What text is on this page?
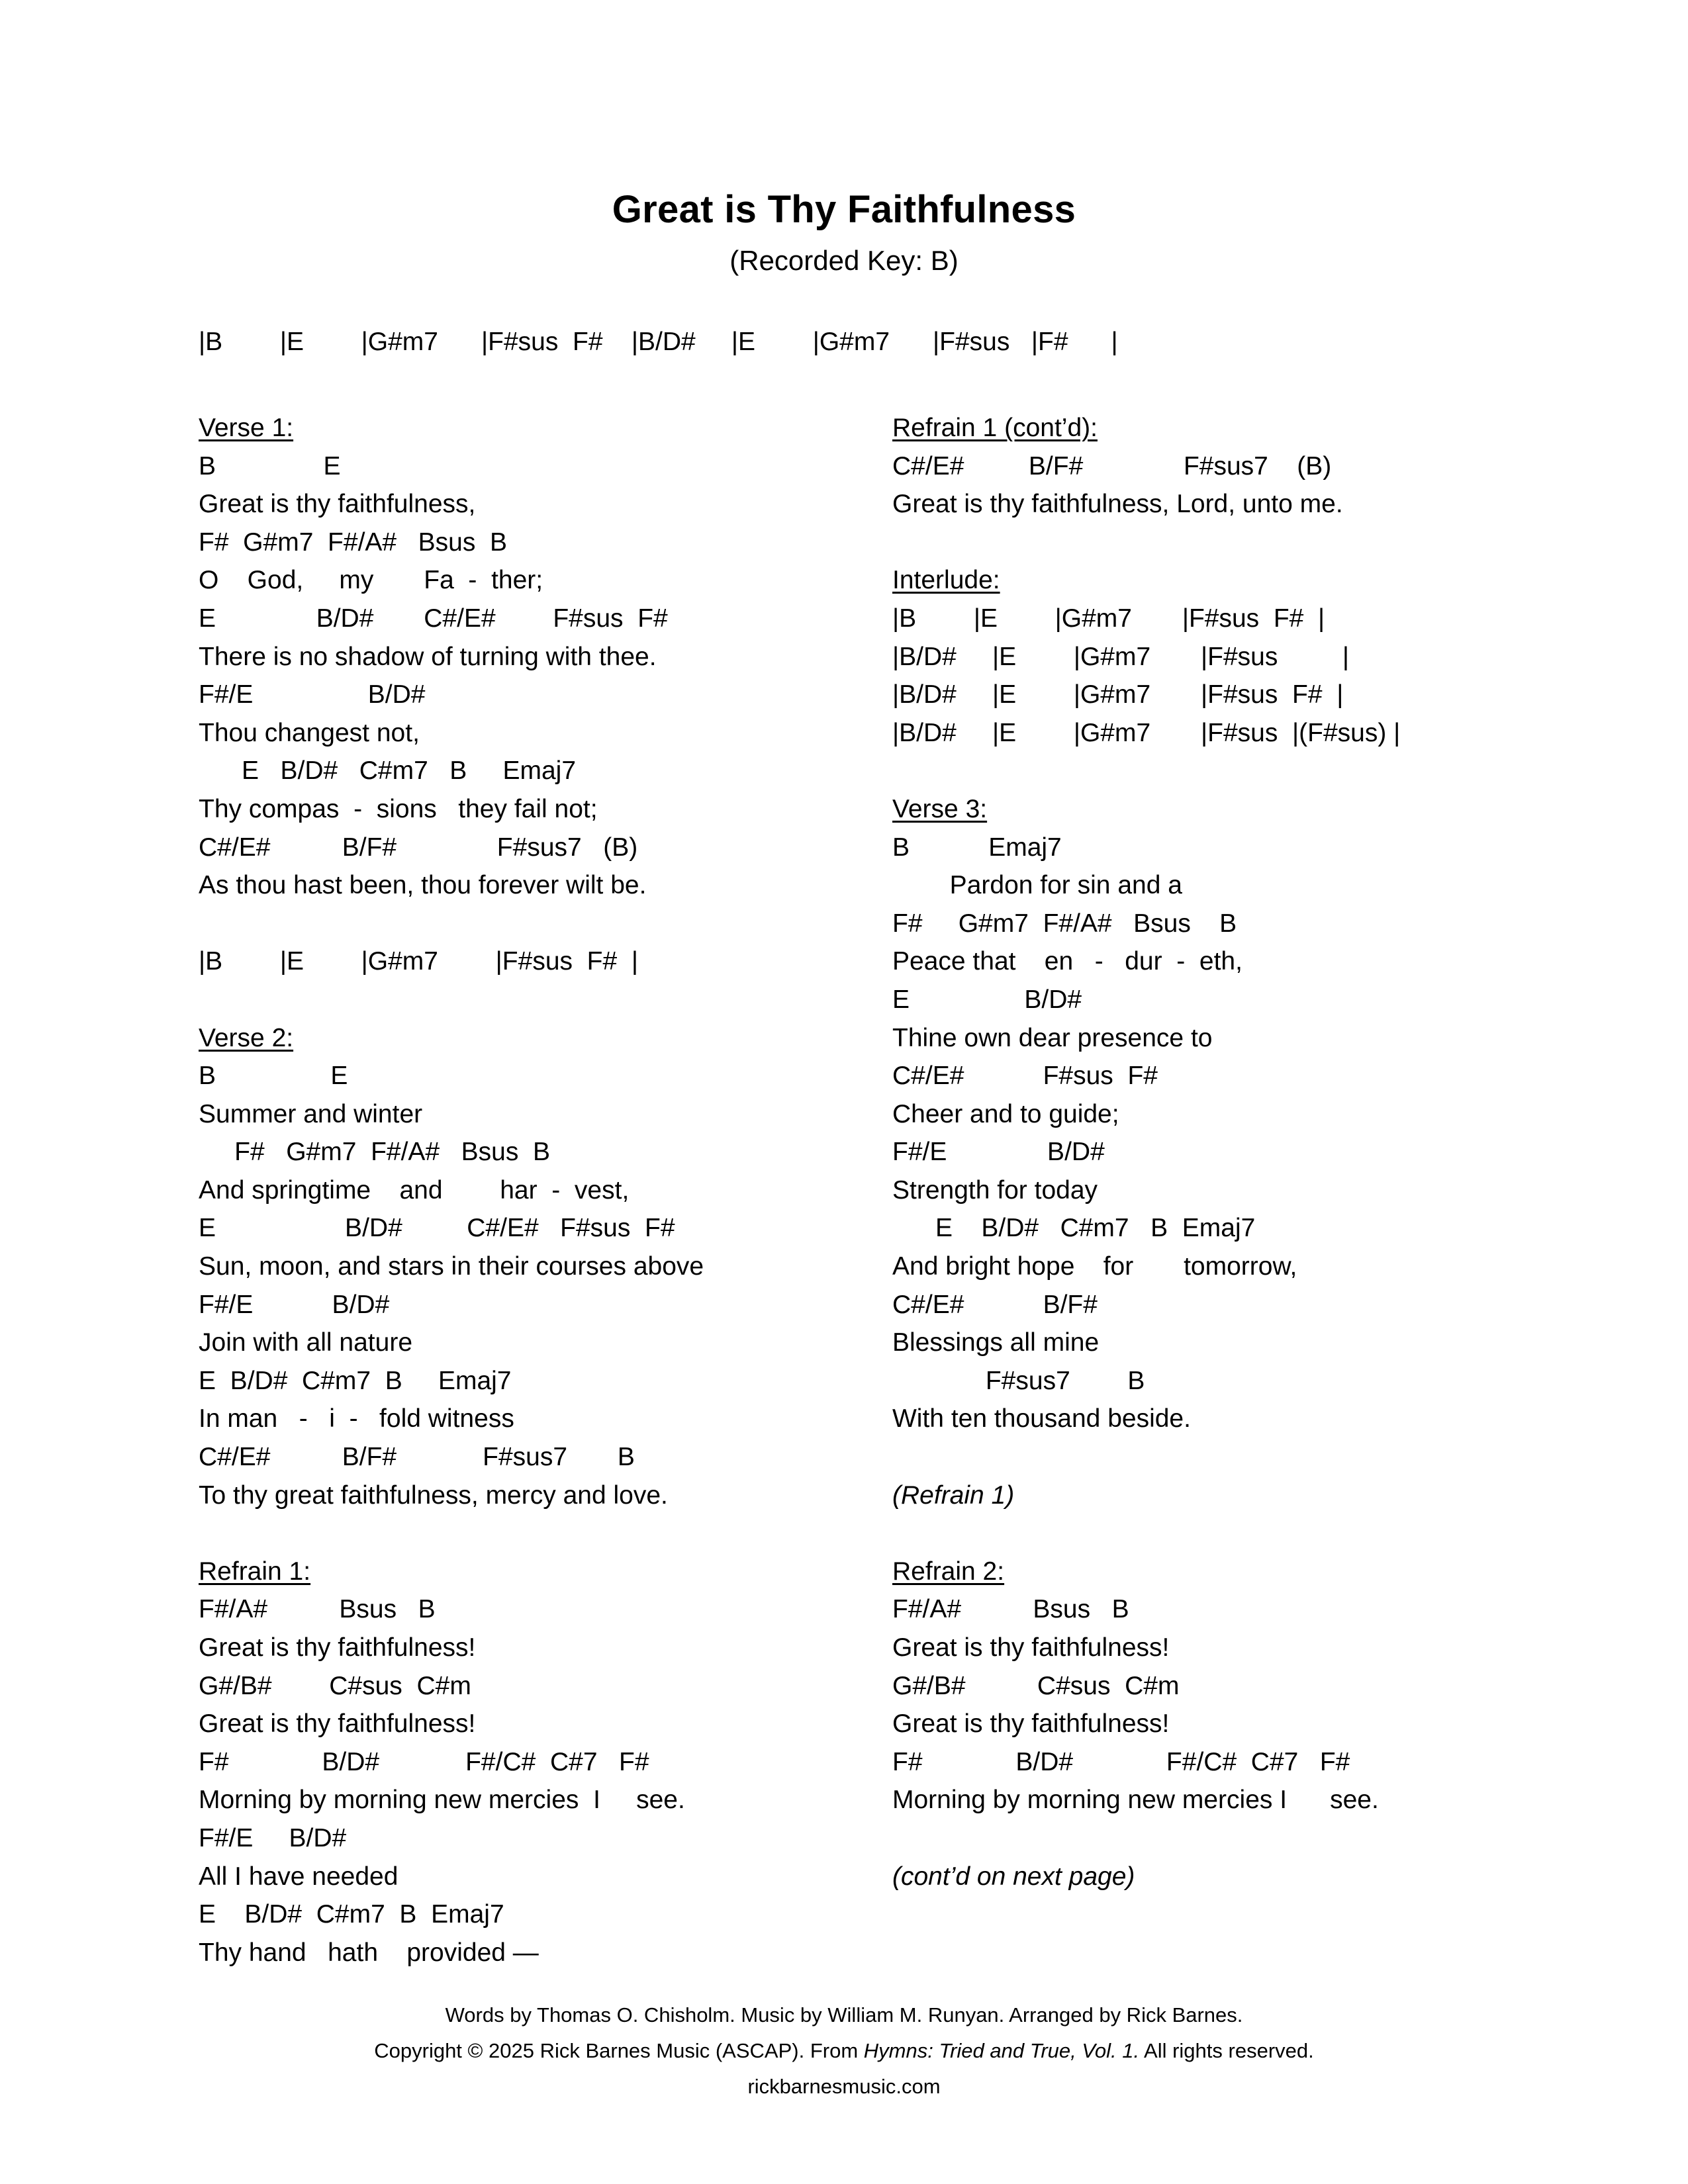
Great is Thy Faithfulness
(Recorded Key: B)
|B        |E        |G#m7      |F#sus  F#    |B/D#     |E        |G#m7      |F#sus   |F#      |
Verse 1:
B               E
Great is thy faithfulness,
F#  G#m7  F#/A#   Bsus  B
O    God,     my       Fa  -  ther;
E              B/D#       C#/E#        F#sus  F#
There is no shadow of turning with thee.
F#/E                B/D#
Thou changest not,
E   B/D#   C#m7   B     Emaj7
Thy compas  -  sions   they fail not;
C#/E#          B/F#              F#sus7   (B)
As thou hast been, thou forever wilt be.
|B        |E        |G#m7        |F#sus  F#  |
Verse 2:
B                E
Summer and winter
F#   G#m7  F#/A#   Bsus  B
And springtime    and        har  -  vest,
E                  B/D#         C#/E#   F#sus  F#
Sun, moon, and stars in their courses above
F#/E           B/D#
Join with all nature
E  B/D#  C#m7  B     Emaj7
In man   -   i  -   fold witness
C#/E#          B/F#            F#sus7       B
To thy great faithfulness, mercy and love.
Refrain 1:
F#/A#          Bsus   B
Great is thy faithfulness!
G#/B#        C#sus  C#m
Great is thy faithfulness!
F#             B/D#            F#/C#  C#7   F#
Morning by morning new mercies  I     see.
F#/E     B/D#
All I have needed
E    B/D#  C#m7  B  Emaj7
Thy hand   hath    provided —
Refrain 1 (cont’d):
C#/E#         B/F#              F#sus7    (B)
Great is thy faithfulness, Lord, unto me.
Interlude:
|B        |E        |G#m7       |F#sus  F#  |
|B/D#     |E        |G#m7       |F#sus         |
|B/D#     |E        |G#m7       |F#sus  F#  |
|B/D#     |E        |G#m7       |F#sus  |(F#sus) |
Verse 3:
B           Emaj7
Pardon for sin and a
F#     G#m7  F#/A#   Bsus    B
Peace that    en   -   dur  -  eth,
E                B/D#
Thine own dear presence to
C#/E#           F#sus  F#
Cheer and to guide;
F#/E              B/D#
Strength for today
E    B/D#   C#m7   B  Emaj7
And bright hope    for       tomorrow,
C#/E#           B/F#
Blessings all mine
F#sus7        B
With ten thousand beside.
(Refrain 1)
Refrain 2:
F#/A#          Bsus   B
Great is thy faithfulness!
G#/B#          C#sus  C#m
Great is thy faithfulness!
F#             B/D#             F#/C#  C#7   F#
Morning by morning new mercies I      see.
(cont’d on next page)
Words by Thomas O. Chisholm. Music by William M. Runyan. Arranged by Rick Barnes.
Copyright © 2025 Rick Barnes Music (ASCAP). From Hymns: Tried and True, Vol. 1. All rights reserved.
rickbarnesmusic.com
